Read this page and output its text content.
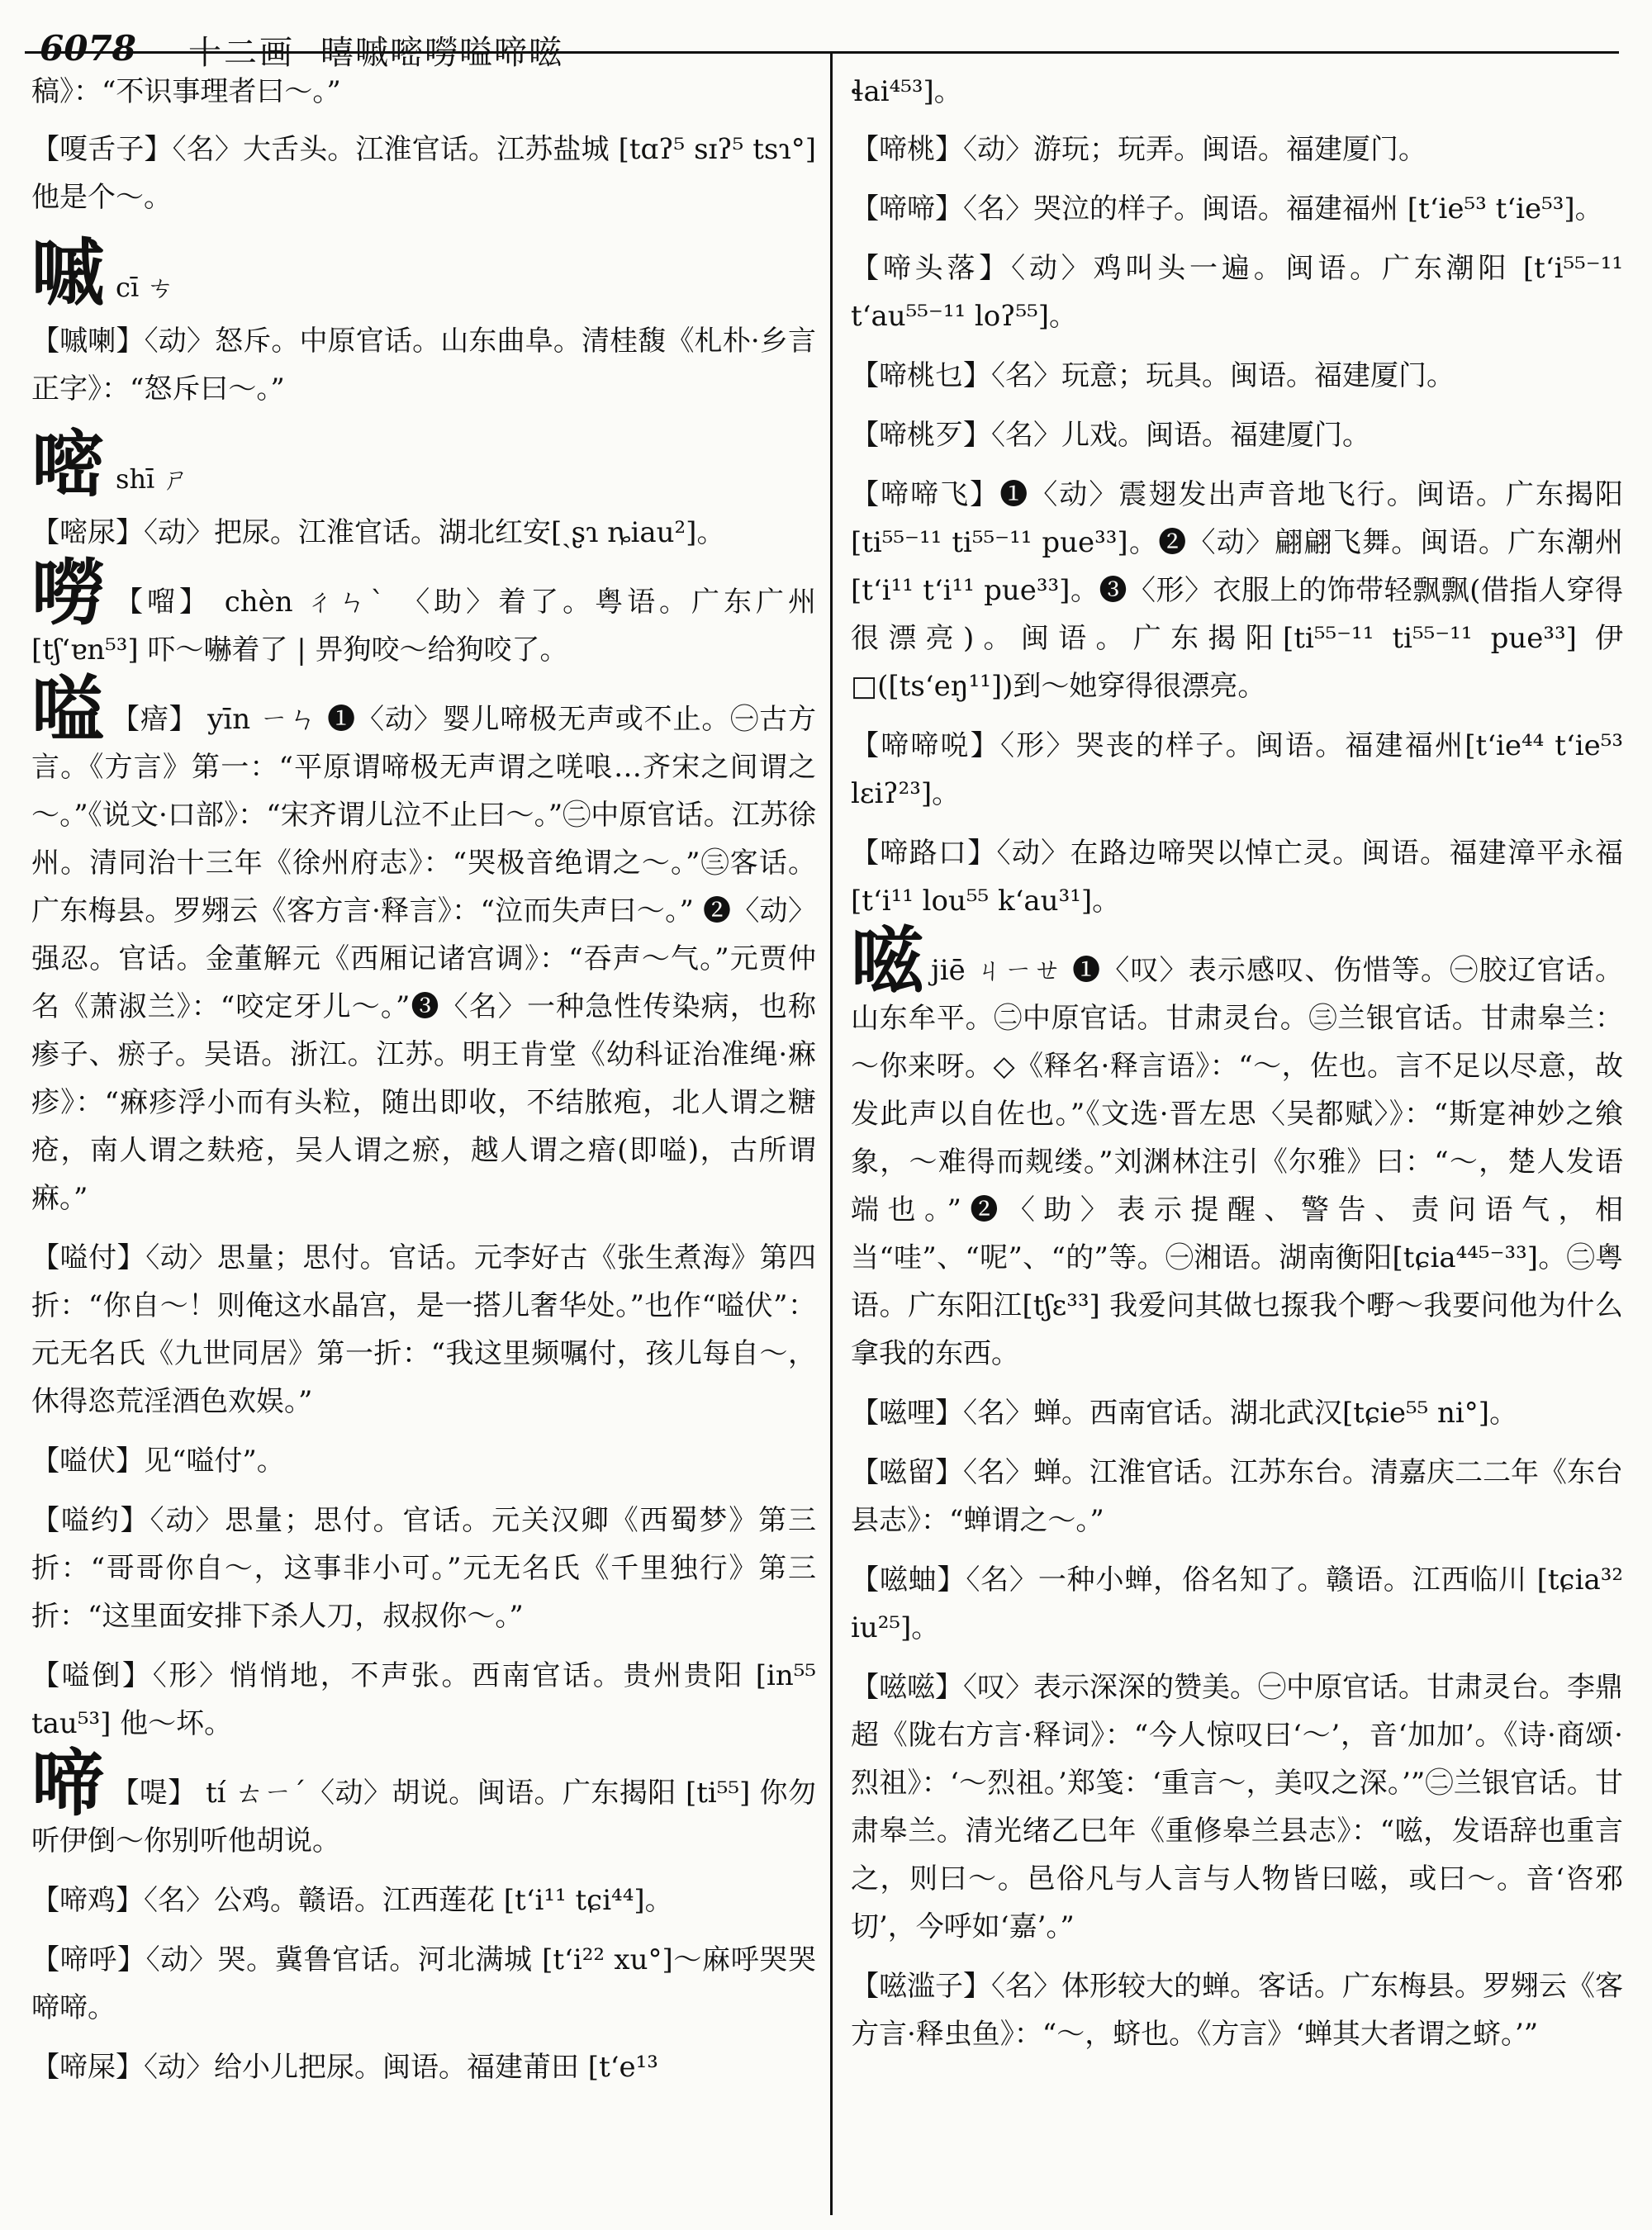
6078 十二画 暿嘁嘧嘮嗌啼嗞

稿》：“不识事理者曰～。”

【嗄舌子】〈名〉大舌头。江淮官话。江苏盐城 [tɑʔ⁵ sɪʔ⁵ tsɿ°] 他是个～。

嘁 cī ㄘ

【嘁喇】〈动〉怒斥。中原官话。山东曲阜。清桂馥《札朴·乡言正字》：“怒斥曰～。”

嘧 shī ㄕ

【嘧尿】〈动〉把尿。江淮官话。湖北红安[ˏʂɿ ȵiau²]。

嘮 【𠺕】 chèn ㄔㄣˋ 〈助〉着了。粤语。广东广州 [tʃʻɐn⁵³] 吓～嚇着了 | 畀狗咬～给狗咬了。

嗌 【瘖】 yīn ㄧㄣ ❶〈动〉婴儿啼极无声或不止。㊀古方言。《方言》第一：“平原谓啼极无声谓之唴哴…齐宋之间谓之～。”《说文·口部》：“宋齐谓儿泣不止曰～。”㊁中原官话。江苏徐州。清同治十三年《徐州府志》：“哭极音绝谓之～。”㊂客话。广东梅县。罗翙云《客方言·释言》：“泣而失声曰～。” ❷〈动〉强忍。官话。金董解元《西厢记诸宫调》：“吞声～气。”元贾仲名《萧淑兰》：“咬定牙儿～。”❸〈名〉一种急性传染病，也称瘆子、瘀子。吴语。浙江。江苏。明王肯堂《幼科证治准绳·痳疹》：“痳疹浮小而有头粒，随出即收，不结脓疱，北人谓之糖疮，南人谓之麸疮，吴人谓之瘀，越人谓之瘖(即嗌)，古所谓痳。”

【嗌付】〈动〉思量；思付。官话。元李好古《张生煮海》第四折：“你自～！则俺这水晶宫，是一搭儿奢华处。”也作“嗌伏”：元无名氏《九世同居》第一折：“我这里频嘱付，孩儿每自～，休得恣荒淫酒色欢娱。”

【嗌伏】见“嗌付”。

【嗌约】〈动〉思量；思付。官话。元关汉卿《西蜀梦》第三折：“哥哥你自～，这事非小可。”元无名氏《千里独行》第三折：“这里面安排下杀人刀，叔叔你～。”

【嗌倒】〈形〉悄悄地，不声张。西南官话。贵州贵阳 [in⁵⁵ tau⁵³] 他～坏。

啼 【㖷】 tí ㄊㄧˊ〈动〉胡说。闽语。广东揭阳 [ti⁵⁵] 你勿听伊倒～你别听他胡说。

【啼鸡】〈名〉公鸡。赣语。江西莲花 [tʻi¹¹ tɕi⁴⁴]。

【啼呼】〈动〉哭。冀鲁官话。河北满城 [tʻi²² xu°]～麻呼哭哭啼啼。

【啼屎】〈动〉给小儿把尿。闽语。福建莆田 [tʻe¹³

ɬai⁴⁵³]。

【啼桃】〈动〉游玩；玩弄。闽语。福建厦门。

【啼啼】〈名〉哭泣的样子。闽语。福建福州 [tʻie⁵³ tʻie⁵³]。

【啼头落】〈动〉鸡叫头一遍。闽语。广东潮阳 [tʻi⁵⁵⁻¹¹ tʻau⁵⁵⁻¹¹ loʔ⁵⁵]。

【啼桃乜】〈名〉玩意；玩具。闽语。福建厦门。

【啼桃歹】〈名〉儿戏。闽语。福建厦门。

【啼啼飞】❶〈动〉震翅发出声音地飞行。闽语。广东揭阳 [ti⁵⁵⁻¹¹ ti⁵⁵⁻¹¹ pue³³]。❷〈动〉翩翩飞舞。闽语。广东潮州 [tʻi¹¹ tʻi¹¹ pue³³]。❸〈形〉衣服上的饰带轻飘飘(借指人穿得很漂亮)。闽语。广东揭阳[ti⁵⁵⁻¹¹ ti⁵⁵⁻¹¹ pue³³] 伊□([tsʻeŋ¹¹])到～她穿得很漂亮。

【啼啼哾】〈形〉哭丧的样子。闽语。福建福州[tʻie⁴⁴ tʻie⁵³ lɛiʔ²³]。

【啼路口】〈动〉在路边啼哭以悼亡灵。闽语。福建漳平永福 [tʻi¹¹ lou⁵⁵ kʻau³¹]。

嗞jiē ㄐㄧㄝ ❶〈叹〉表示感叹、伤惜等。㊀胶辽官话。山东牟平。㊁中原官话。甘肃灵台。㊂兰银官话。甘肃皋兰：～你来呀。◇《释名·释言语》：“～，佐也。言不足以尽意，故发此声以自佐也。”《文选·晋左思〈吴都赋〉》：“斯寔神妙之飨象，～难得而觌缕。”刘渊林注引《尔雅》曰：“～，楚人发语端也。”❷〈助〉表示提醒、警告、责问语气，相当“哇”、“呢”、“的”等。㊀湘语。湖南衡阳[tɕia⁴⁴⁵⁻³³]。㊁粤语。广东阳江[tʃɛ³³] 我爱问其做乜揼我个嘢～我要问他为什么拿我的东西。

【嗞哩】〈名〉蝉。西南官话。湖北武汉[tɕie⁵⁵ ni°]。

【嗞留】〈名〉蝉。江淮官话。江苏东台。清嘉庆二二年《东台县志》：“蝉谓之～。”

【嗞蚰】〈名〉一种小蝉，俗名知了。赣语。江西临川 [tɕia³² iu²⁵]。

【嗞嗞】〈叹〉表示深深的赞美。㊀中原官话。甘肃灵台。李鼎超《陇右方言·释词》：“今人惊叹曰‘～’，音‘加加’。《诗·商颂·烈祖》：‘～烈祖。’郑笺：‘重言～，美叹之深。’”㊁兰银官话。甘肃皋兰。清光绪乙巳年《重修皋兰县志》：“嗞，发语辞也重言之，则曰～。邑俗凡与人言与人物皆曰嗞，或曰～。音‘咨邪切’，今呼如‘嘉’。”

【嗞滥子】〈名〉体形较大的蝉。客话。广东梅县。罗翙云《客方言·释虫鱼》：“～，蛴也。《方言》‘蝉其大者谓之蛴。’”
